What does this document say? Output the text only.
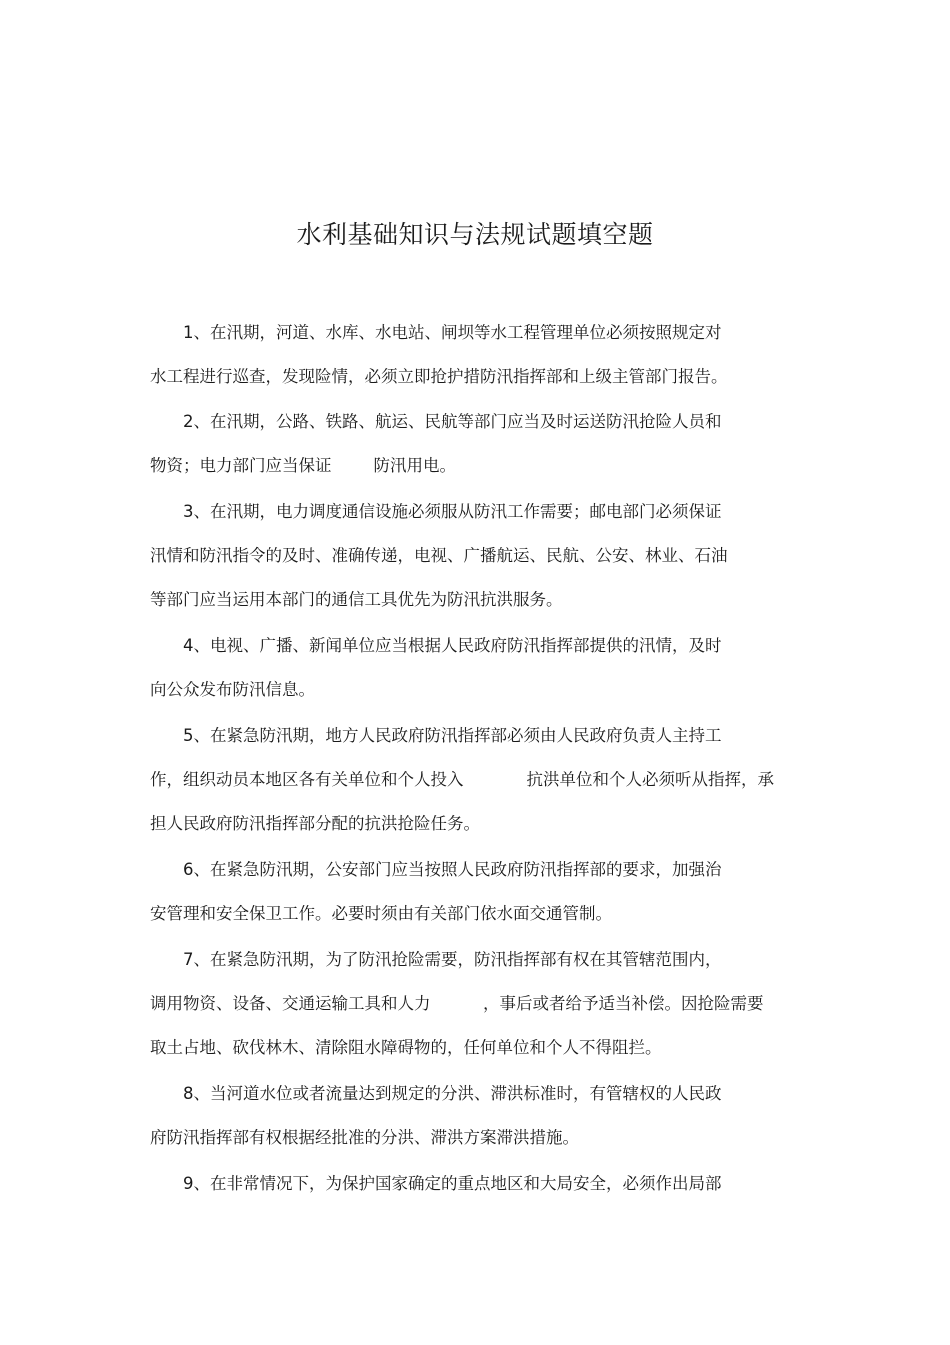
水利基础知识与法规试题填空题

1、在汛期，河道、水库、水电站、闸坝等水工程管理单位必须按照规定对

水工程进行巡查，发现险情，必须立即抢护措防汛指挥部和上级主管部门报告。

2、在汛期，公路、铁路、航运、民航等部门应当及时运送防汛抢险人员和

物资；电力部门应当保证        防汛用电。

3、在汛期，电力调度通信设施必须服从防汛工作需要；邮电部门必须保证

汛情和防汛指令的及时、准确传递，电视、广播航运、民航、公安、林业、石油

等部门应当运用本部门的通信工具优先为防汛抗洪服务。

4、电视、广播、新闻单位应当根据人民政府防汛指挥部提供的汛情，及时

向公众发布防汛信息。

5、在紧急防汛期，地方人民政府防汛指挥部必须由人民政府负责人主持工

作，组织动员本地区各有关单位和个人投入            抗洪单位和个人必须听从指挥，承

担人民政府防汛指挥部分配的抗洪抢险任务。

6、在紧急防汛期，公安部门应当按照人民政府防汛指挥部的要求，加强治

安管理和安全保卫工作。必要时须由有关部门依水面交通管制。

7、在紧急防汛期，为了防汛抢险需要，防汛指挥部有权在其管辖范围内，

调用物资、设备、交通运输工具和人力          ，事后或者给予适当补偿。因抢险需要

取土占地、砍伐林木、清除阻水障碍物的，任何单位和个人不得阻拦。

8、当河道水位或者流量达到规定的分洪、滞洪标准时，有管辖权的人民政

府防汛指挥部有权根据经批准的分洪、滞洪方案滞洪措施。

9、在非常情况下，为保护国家确定的重点地区和大局安全，必须作出局部
